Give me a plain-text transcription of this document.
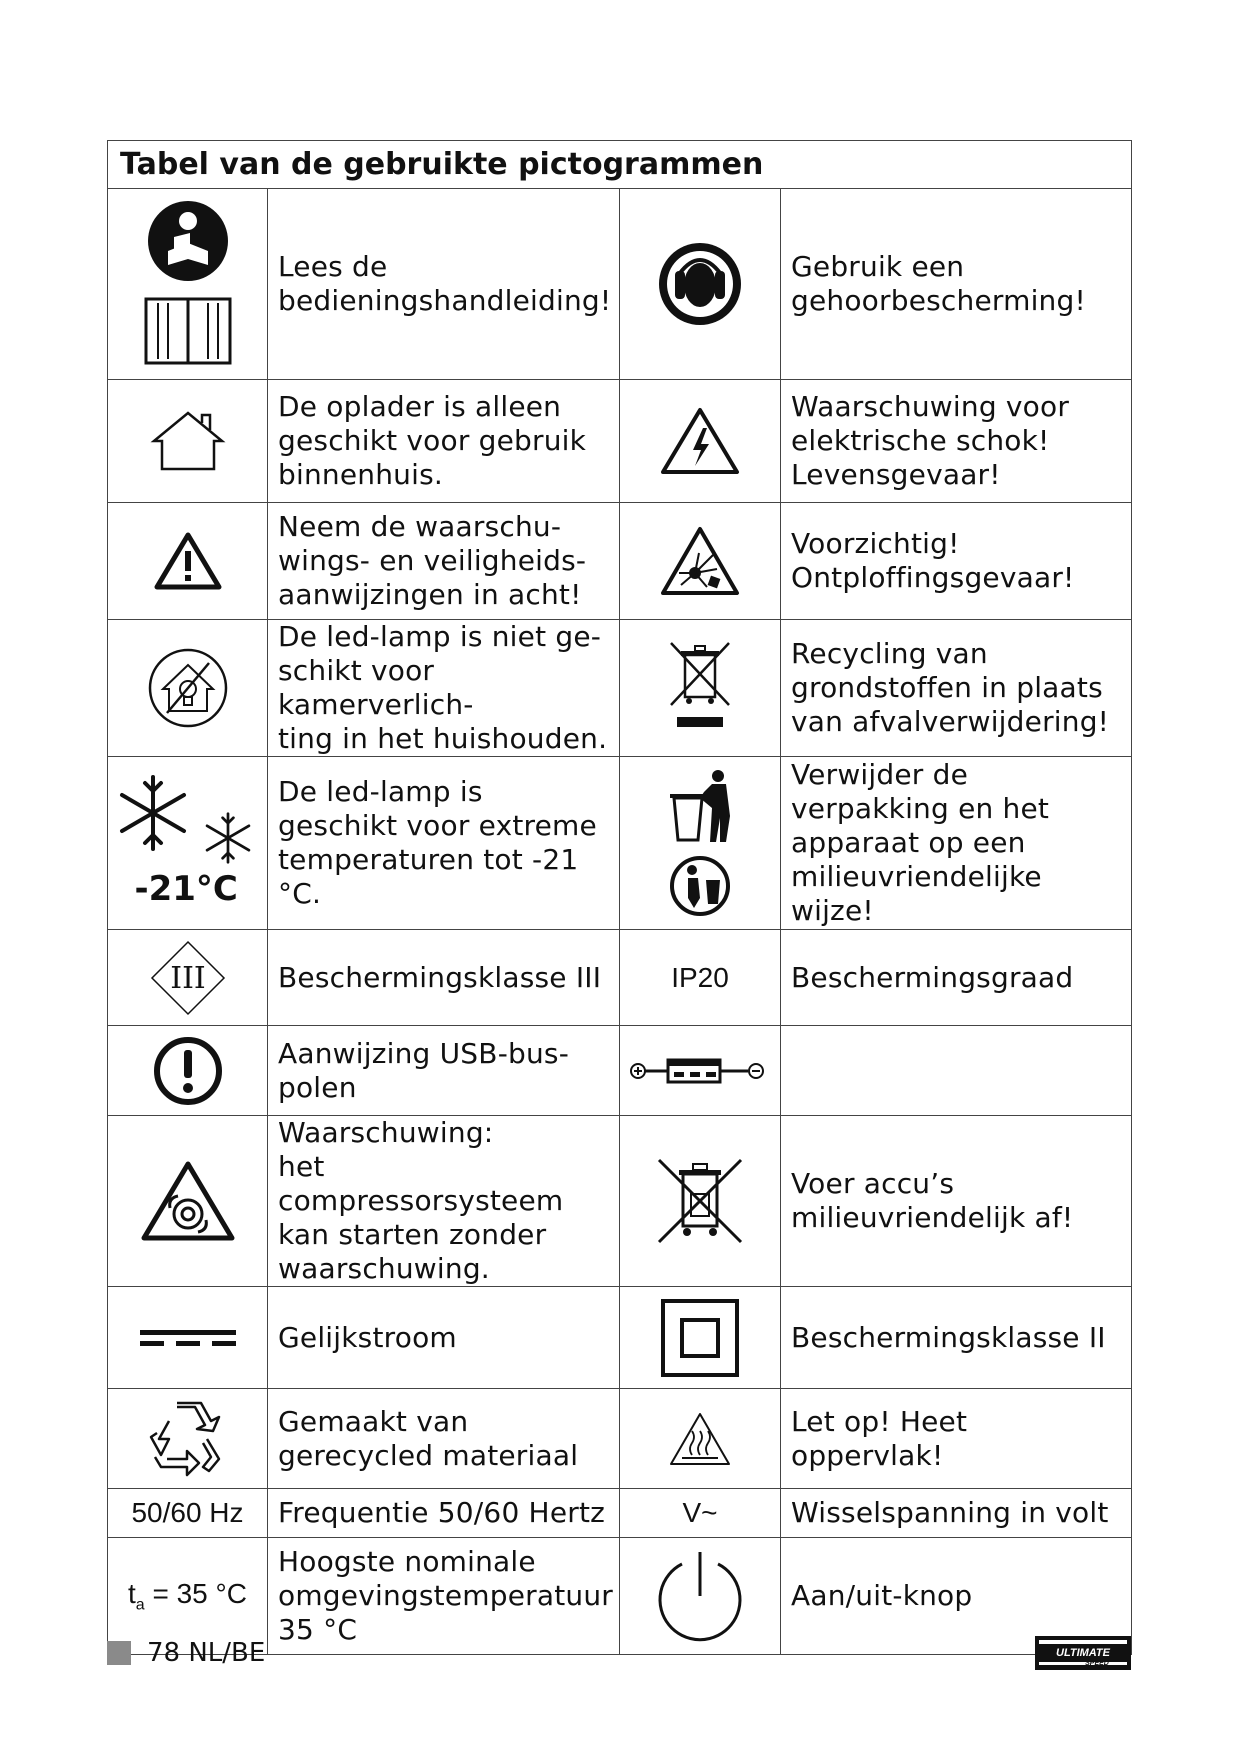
Tabel van de gebruikte pictogrammen			
	Lees de
bedieningshandleiding!		Gebruik een
gehoorbescherming!
	De oplader is alleen
geschikt voor gebruik
binnenhuis.		Waarschuwing voor
elektrische schok!
Levensgevaar!
	Neem de waarschu-
wings- en veiligheids-
aanwijzingen in acht!		Voorzichtig!
Ontploffingsgevaar!
	De led-lamp is niet ge-
schikt voor kamerverlich-
ting in het huishouden.		Recycling van
grondstoffen in plaats
van afvalverwijdering!

-21°C	De led-lamp is
geschikt voor extreme
temperaturen tot -21 °C.		Verwijder de
verpakking en het
apparaat op een
milieuvriendelijke wijze!

III	Beschermingsklasse III	IP20	Beschermingsgraad
	Aanwijzing USB-bus-polen		
	Waarschuwing:
het compressorsysteem
kan starten zonder
waarschuwing.		Voer accu’s
milieuvriendelijk af!
	Gelijkstroom		Beschermingsklasse II
	Gemaakt van
gerecycled materiaal		Let op! Heet oppervlak!
50/60 Hz	Frequentie 50/60 Hertz	V~	Wisselspanning in volt
$t_a = 35$ °C	Hoogste nominale
omgevingstemperatuur
35 °C		Aan/uit-knop
78 NL/BE	ULTIMATE
SPEED
